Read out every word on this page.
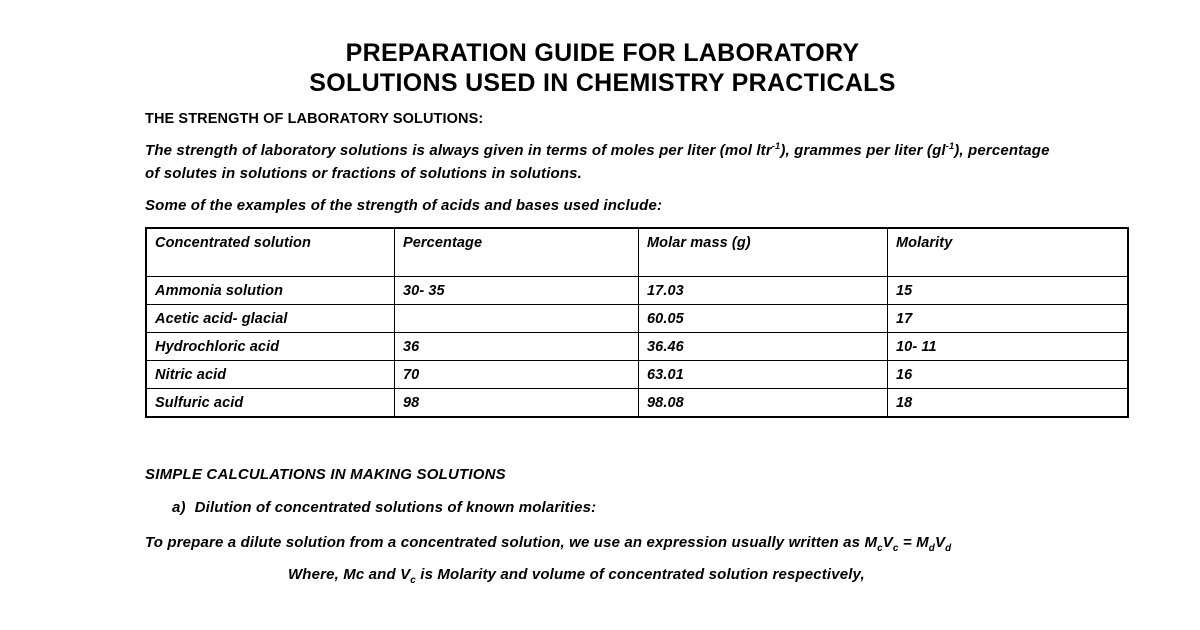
PREPARATION GUIDE FOR LABORATORY
SOLUTIONS USED IN CHEMISTRY PRACTICALS
THE STRENGTH OF LABORATORY SOLUTIONS:

The strength of laboratory solutions is always given in terms of moles per liter (mol ltr$^{-1}$), grammes per liter $(gl^{-1})$, percentage of solutes in solutions or fractions of solutions in solutions.

Some of the examples of the strength of acids and bases used include:

Concentrated solution	Percentage	Molar mass (g)	Molarity
Ammonia solution	30- 35	17.03	15
Acetic acid- glacial		60.05	17
Hydrochloric acid	36	36.46	10- 11
Nitric acid	70	63.01	16
Sulfuric acid	98	98.08	18
SIMPLE CALCULATIONS IN MAKING SOLUTIONS
a) Dilution of concentrated solutions of known molarities:

To prepare a dilute solution from a concentrated solution, we use an expression usually written as $M_cV_c = M_dV_d$

Where, Mc and $V_c$ is Molarity and volume of concentrated solution respectively,
